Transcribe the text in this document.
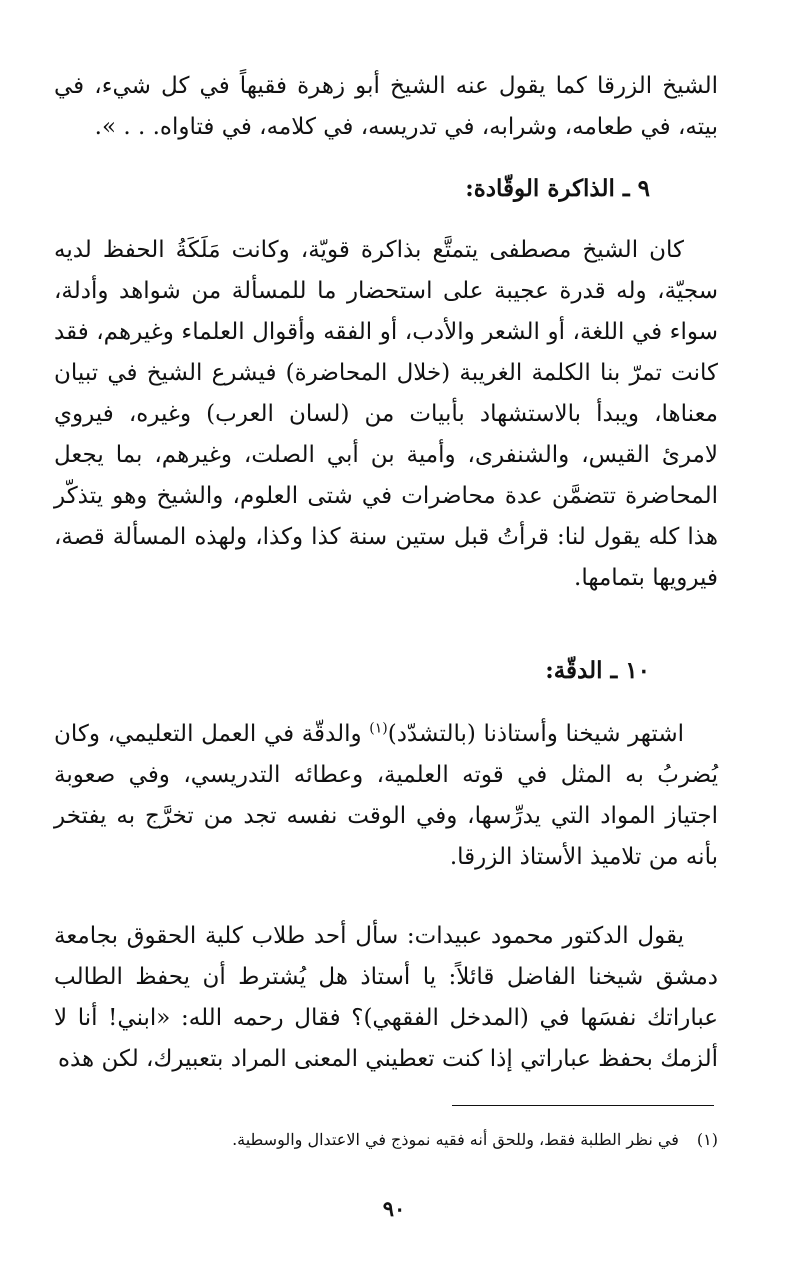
الشيخ الزرقا كما يقول عنه الشيخ أبو زهرة فقيهاً في كل شيء، في بيته، في طعامه، وشرابه، في تدريسه، في كلامه، في فتاواه. . . ».
٩ ـ الذاكرة الوقّادة:
كان الشيخ مصطفى يتمتَّع بذاكرة قويّة، وكانت مَلَكَةُ الحفظ لديه سجيّة، وله قدرة عجيبة على استحضار ما للمسألة من شواهد وأدلة، سواء في اللغة، أو الشعر والأدب، أو الفقه وأقوال العلماء وغيرهم، فقد كانت تمرّ بنا الكلمة الغريبة (خلال المحاضرة) فيشرع الشيخ في تبيان معناها، ويبدأ بالاستشهاد بأبيات من (لسان العرب) وغيره، فيروي لامرئ القيس، والشنفرى، وأمية بن أبي الصلت، وغيرهم، بما يجعل المحاضرة تتضمَّن عدة محاضرات في شتى العلوم، والشيخ وهو يتذكّر هذا كله يقول لنا: قرأتُ قبل ستين سنة كذا وكذا، ولهذه المسألة قصة، فيرويها بتمامها.
١٠ ـ الدقّة:
اشتهر شيخنا وأستاذنا (بالتشدّد)$^{(١)}$ والدقّة في العمل التعليمي، وكان يُضربُ به المثل في قوته العلمية، وعطائه التدريسي، وفي صعوبة اجتياز المواد التي يدرِّسها، وفي الوقت نفسه تجد من تخرَّج به يفتخر بأنه من تلاميذ الأستاذ الزرقا.
يقول الدكتور محمود عبيدات: سأل أحد طلاب كلية الحقوق بجامعة دمشق شيخنا الفاضل قائلاً: يا أستاذ هل يُشترط أن يحفظ الطالب عباراتك نفسَها في (المدخل الفقهي)؟ فقال رحمه الله: «ابني! أنا لا ألزمك بحفظ عباراتي إذا كنت تعطيني المعنى المراد بتعبيرك، لكن هذه
(١) في نظر الطلبة فقط، وللحق أنه فقيه نموذج في الاعتدال والوسطية.
٩٠
